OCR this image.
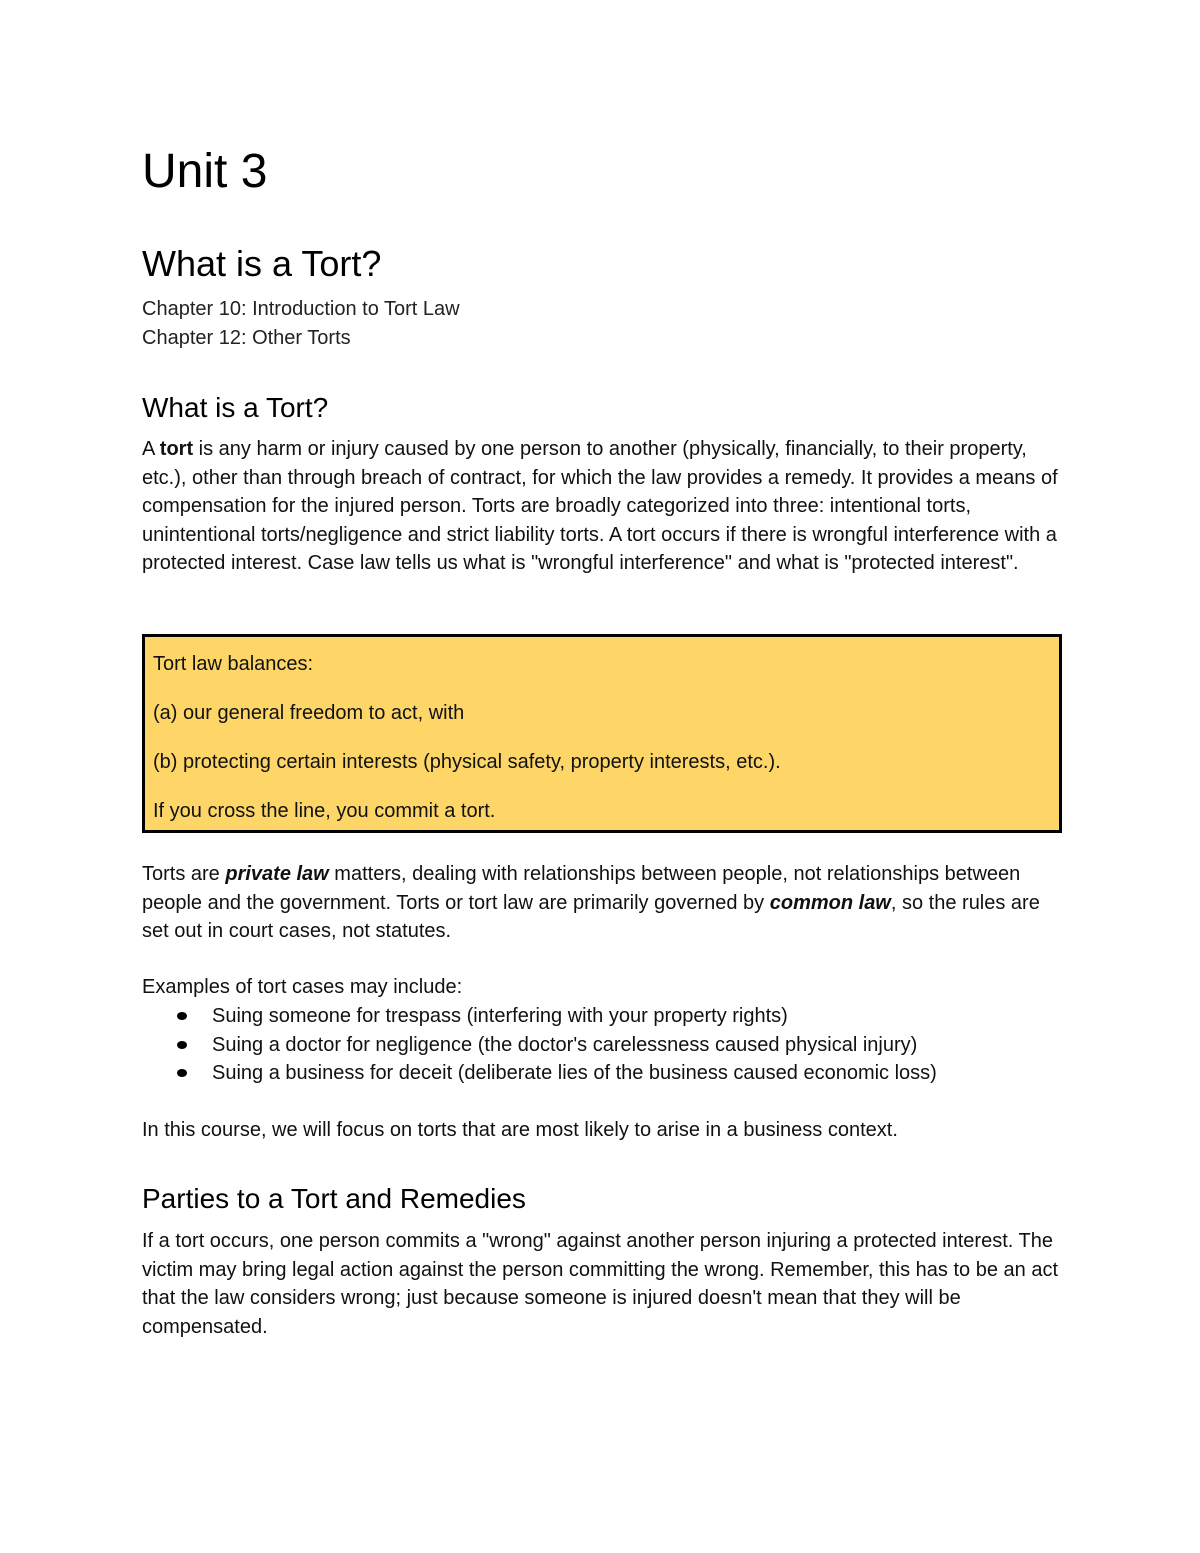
Unit 3
What is a Tort?
Chapter 10: Introduction to Tort Law
Chapter 12: Other Torts
What is a Tort?

A tort is any harm or injury caused by one person to another (physically, financially, to their property, etc.), other than through breach of contract, for which the law provides a remedy. It provides a means of compensation for the injured person. Torts are broadly categorized into three: intentional torts, unintentional torts/negligence and strict liability torts. A tort occurs if there is wrongful interference with a protected interest. Case law tells us what is "wrongful interference" and what is "protected interest".

Tort law balances:

(a) our general freedom to act, with

(b) protecting certain interests (physical safety, property interests, etc.).

If you cross the line, you commit a tort.

Torts are private law matters, dealing with relationships between people, not relationships between people and the government. Torts or tort law are primarily governed by common law, so the rules are set out in court cases, not statutes.

Examples of tort cases may include:

Suing someone for trespass (interfering with your property rights)
Suing a doctor for negligence (the doctor's carelessness caused physical injury)
Suing a business for deceit (deliberate lies of the business caused economic loss)

In this course, we will focus on torts that are most likely to arise in a business context.

Parties to a Tort and Remedies

If a tort occurs, one person commits a "wrong" against another person injuring a protected interest. The victim may bring legal action against the person committing the wrong. Remember, this has to be an act that the law considers wrong; just because someone is injured doesn't mean that they will be compensated.
